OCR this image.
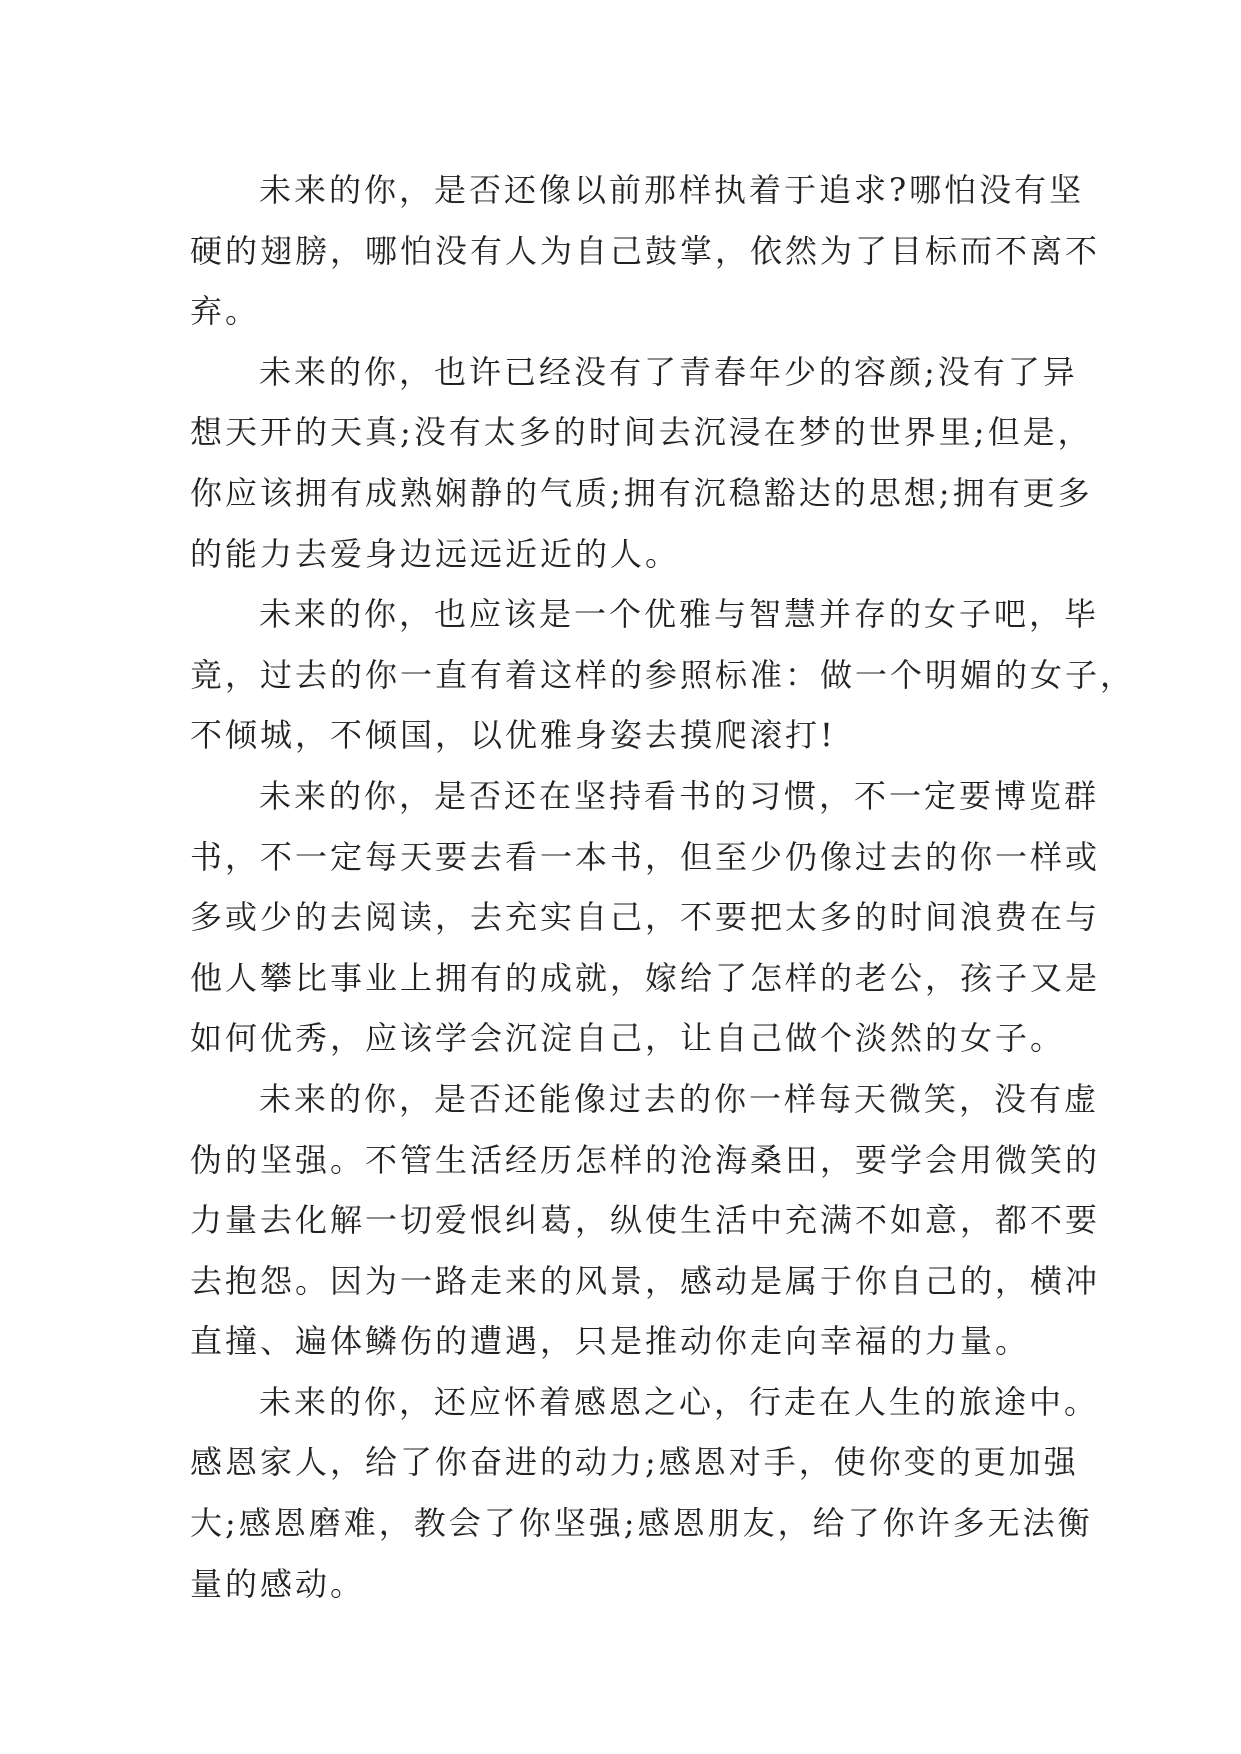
未来的你，是否还像以前那样执着于追求?哪怕没有坚
硬的翅膀，哪怕没有人为自己鼓掌，依然为了目标而不离不
弃。
未来的你，也许已经没有了青春年少的容颜;没有了异
想天开的天真;没有太多的时间去沉浸在梦的世界里;但是，
你应该拥有成熟娴静的气质;拥有沉稳豁达的思想;拥有更多
的能力去爱身边远远近近的人。
未来的你，也应该是一个优雅与智慧并存的女子吧，毕
竟，过去的你一直有着这样的参照标准：做一个明媚的女子，
不倾城，不倾国，以优雅身姿去摸爬滚打!
未来的你，是否还在坚持看书的习惯，不一定要博览群
书，不一定每天要去看一本书，但至少仍像过去的你一样或
多或少的去阅读，去充实自己，不要把太多的时间浪费在与
他人攀比事业上拥有的成就，嫁给了怎样的老公，孩子又是
如何优秀，应该学会沉淀自己，让自己做个淡然的女子。
未来的你，是否还能像过去的你一样每天微笑，没有虚
伪的坚强。不管生活经历怎样的沧海桑田，要学会用微笑的
力量去化解一切爱恨纠葛，纵使生活中充满不如意，都不要
去抱怨。因为一路走来的风景，感动是属于你自己的，横冲
直撞、遍体鳞伤的遭遇，只是推动你走向幸福的力量。
未来的你，还应怀着感恩之心，行走在人生的旅途中。
感恩家人，给了你奋进的动力;感恩对手，使你变的更加强
大;感恩磨难，教会了你坚强;感恩朋友，给了你许多无法衡
量的感动。
